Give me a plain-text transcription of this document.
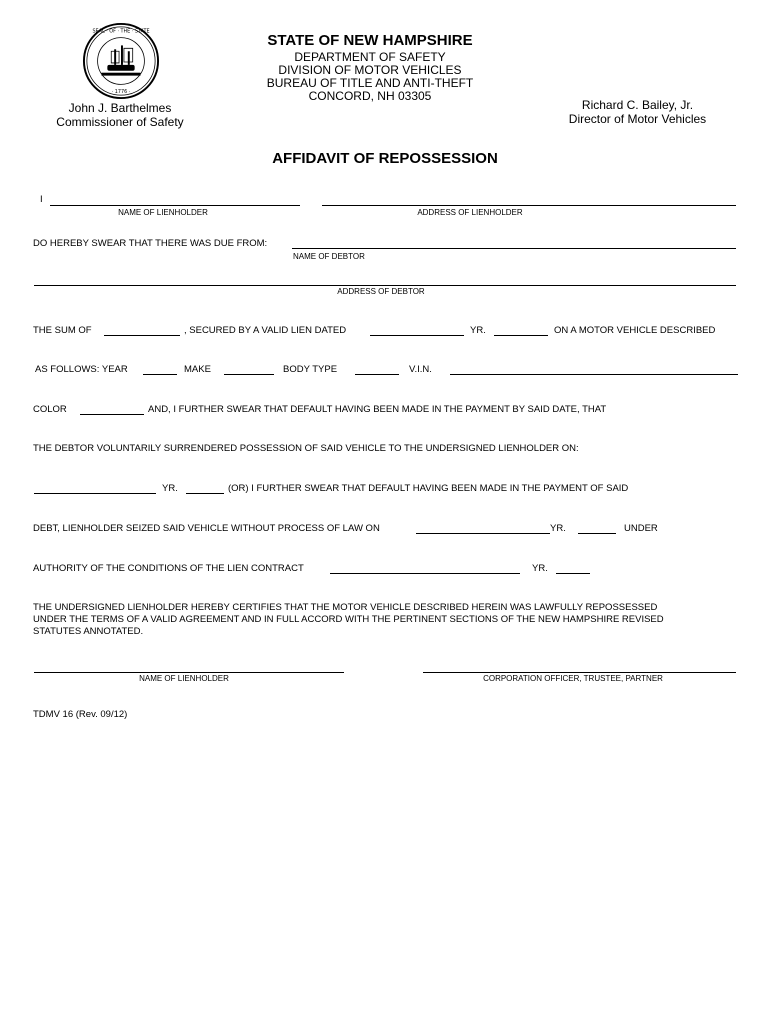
SEAL · OF · THE · STATE
· 1776 ·
STATE OF NEW HAMPSHIRE
DEPARTMENT OF SAFETY
DIVISION OF MOTOR VEHICLES
BUREAU OF TITLE AND ANTI-THEFT
CONCORD, NH 03305
John J. Barthelmes
Commissioner of Safety
Richard C. Bailey, Jr.
Director of Motor Vehicles
AFFIDAVIT OF REPOSSESSION
I
NAME OF LIENHOLDER	ADDRESS OF LIENHOLDER
DO HEREBY SWEAR THAT THERE WAS DUE FROM:
NAME OF DEBTOR
ADDRESS OF DEBTOR
THE SUM OF	, SECURED BY A VALID LIEN DATED	YR.	ON A MOTOR VEHICLE DESCRIBED
AS FOLLOWS: YEAR	MAKE	BODY TYPE	V.I.N.
COLOR	AND, I FURTHER SWEAR THAT DEFAULT HAVING BEEN MADE IN THE PAYMENT BY SAID DATE, THAT
THE DEBTOR VOLUNTARILY SURRENDERED POSSESSION OF SAID VEHICLE TO THE UNDERSIGNED LIENHOLDER ON:
YR.	(OR) I FURTHER SWEAR THAT DEFAULT HAVING BEEN MADE IN THE PAYMENT OF SAID
DEBT, LIENHOLDER SEIZED SAID VEHICLE WITHOUT PROCESS OF LAW ON	YR.	UNDER
AUTHORITY OF THE CONDITIONS OF THE LIEN CONTRACT	YR.
THE UNDERSIGNED LIENHOLDER HEREBY CERTIFIES THAT THE MOTOR VEHICLE DESCRIBED HEREIN WAS LAWFULLY REPOSSESSED
UNDER THE TERMS OF A VALID AGREEMENT AND IN FULL ACCORD WITH THE PERTINENT SECTIONS OF THE NEW HAMPSHIRE REVISED
STATUTES ANNOTATED.
NAME OF LIENHOLDER	CORPORATION OFFICER, TRUSTEE, PARTNER
TDMV 16 (Rev. 09/12)
